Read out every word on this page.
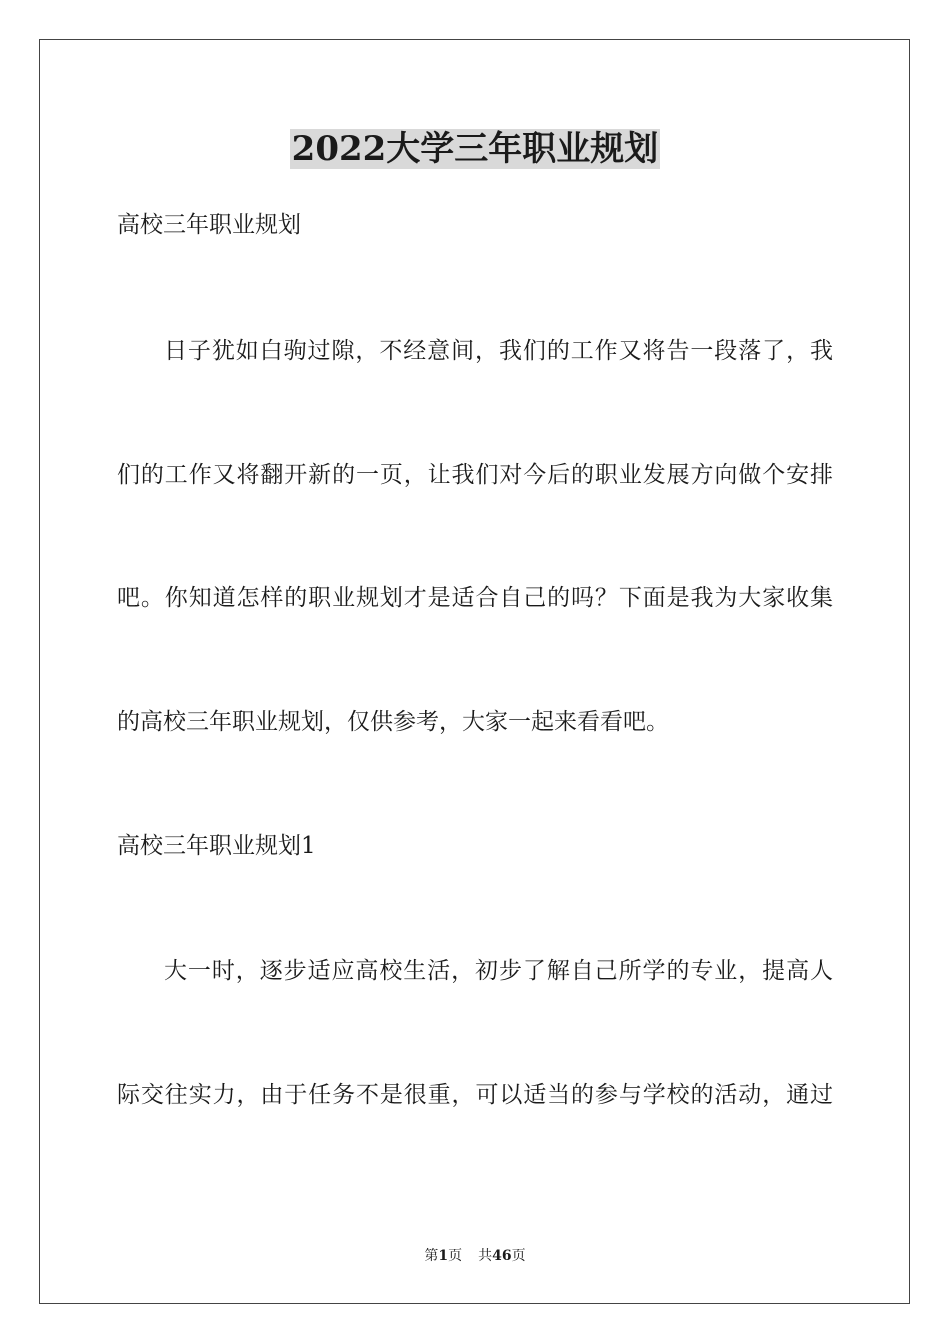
2022大学三年职业规划

高校三年职业规划

日子犹如白驹过隙，不经意间，我们的工作又将告一段落了，我

们的工作又将翻开新的一页，让我们对今后的职业发展方向做个安排

吧。你知道怎样的职业规划才是适合自己的吗？下面是我为大家收集

的高校三年职业规划，仅供参考，大家一起来看看吧。

高校三年职业规划1

大一时，逐步适应高校生活，初步了解自己所学的专业，提高人

际交往实力，由于任务不是很重，可以适当的参与学校的活动，通过

第1页 共46页
